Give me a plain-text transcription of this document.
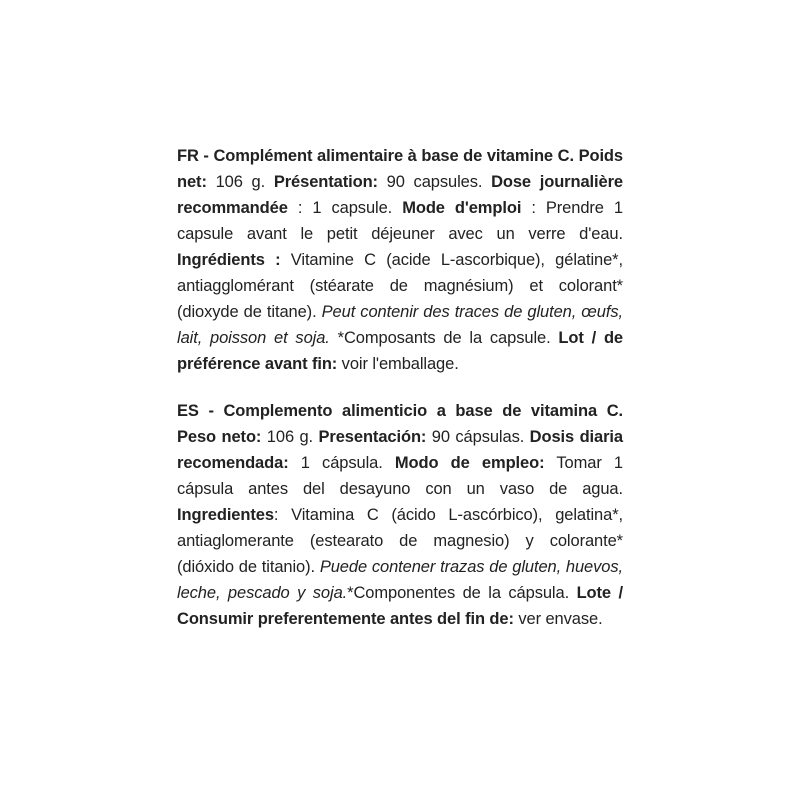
FR - Complément alimentaire à base de vitamine C. Poids net: 106 g. Présentation: 90 capsules. Dose journalière recommandée : 1 capsule. Mode d'emploi : Prendre 1 capsule avant le petit déjeuner avec un verre d'eau. Ingrédients : Vitamine C (acide L-ascorbique), gélatine*, antiagglomérant (stéarate de magnésium) et colorant* (dioxyde de titane). Peut contenir des traces de gluten, œufs, lait, poisson et soja. *Composants de la capsule. Lot / de préférence avant fin: voir l'emballage.
ES - Complemento alimenticio a base de vitamina C. Peso neto: 106 g. Presentación: 90 cápsulas. Dosis diaria recomendada: 1 cápsula. Modo de empleo: Tomar 1 cápsula antes del desayuno con un vaso de agua. Ingredientes: Vitamina C (ácido L-ascórbico), gelatina*, antiaglomerante (estearato de magnesio) y colorante* (dióxido de titanio). Puede contener trazas de gluten, huevos, leche, pescado y soja.*Componentes de la cápsula. Lote / Consumir preferentemente antes del fin de: ver envase.
